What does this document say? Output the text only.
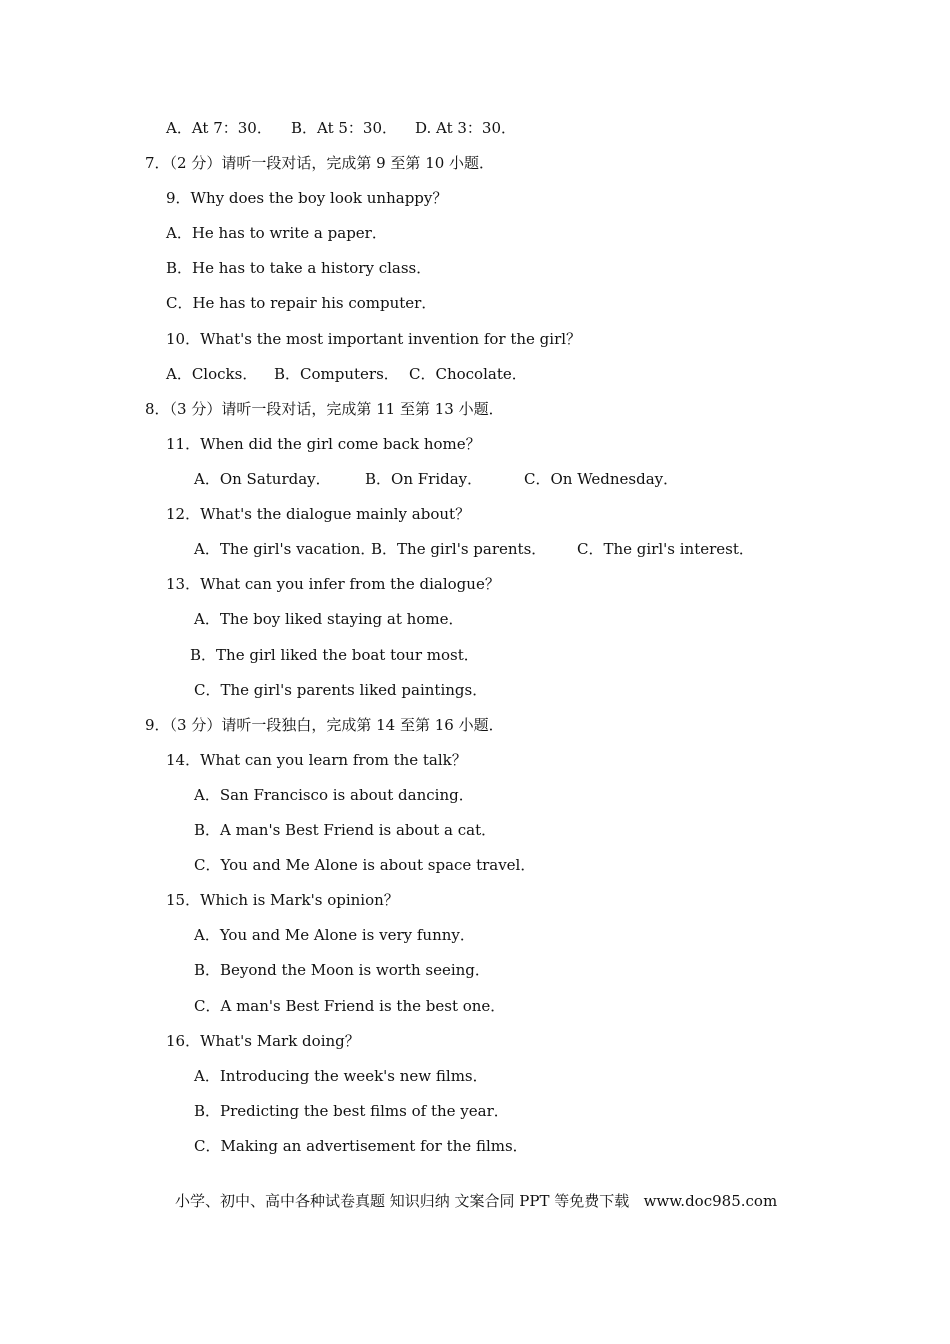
A．At 7：30． B．At 5：30． D. At 3：30．
7．（2 分）请听一段对话，完成第 9 至第 10 小题．
9．Why does the boy look unhappy？
A．He has to write a paper．
B．He has to take a history class．
C．He has to repair his computer．
10．What's the most important invention for the girl？
A．Clocks． B．Computers． C．Chocolate．
8．（3 分）请听一段对话，完成第 11 至第 13 小题．
11．When did the girl come back home？
A．On Saturday． B．On Friday．	C．On Wednesday．
12．What's the dialogue mainly about？
A．The girl's vacation．
B．The girl's parents． C．The girl's interest．
13．What can you infer from the dialogue？
A．The boy liked staying at home．
B．The girl liked the boat tour most．
C．The girl's parents liked paintings．
9．（3 分）请听一段独白，完成第 14 至第 16 小题．
14．What can you learn from the talk？
A．San Francisco is about dancing．
B．A man's Best Friend is about a cat．
C．You and Me Alone is about space travel．
15．Which is Mark's opinion？
A．You and Me Alone is very funny．
B．Beyond the Moon is worth seeing．
C．A man's Best Friend is the best one．
16．What's Mark doing？
A．Introducing the week's new films．
B．Predicting the best films of the year．
C．Making an advertisement for the films．
小学、初中、高中各种试卷真题 知识归纳 文案合同 PPT 等免费下载   www.doc985.com
